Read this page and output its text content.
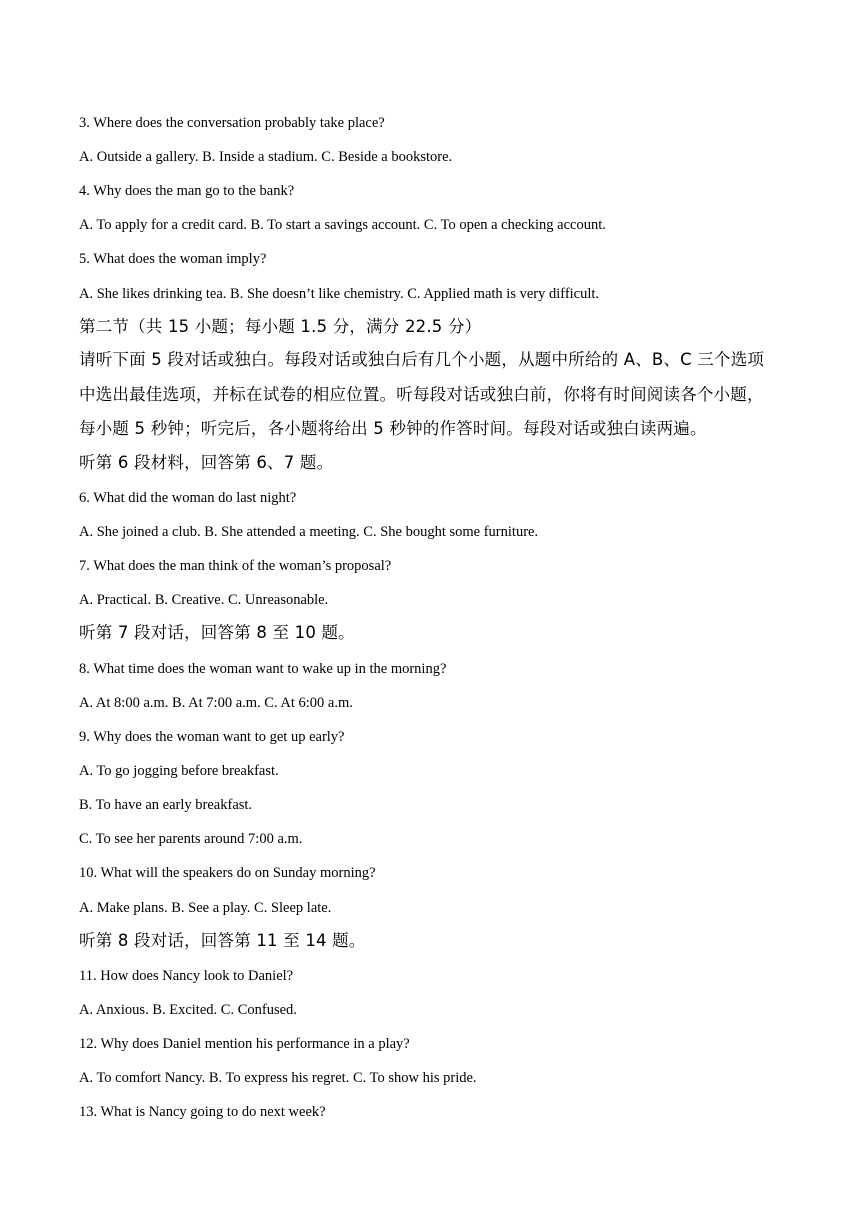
3. Where does the conversation probably take place?
A. Outside a gallery. B. Inside a stadium. C. Beside a bookstore.
4. Why does the man go to the bank?
A. To apply for a credit card. B. To start a savings account. C. To open a checking account.
5. What does the woman imply?
A. She likes drinking tea. B. She doesn’t like chemistry. C. Applied math is very difficult.
第二节（共 15 小题；每小题 1.5 分，满分 22.5 分）
请听下面 5 段对话或独白。每段对话或独白后有几个小题，从题中所给的 A、B、C 三个选项
中选出最佳选项，并标在试卷的相应位置。听每段对话或独白前，你将有时间阅读各个小题，
每小题 5 秒钟；听完后，各小题将给出 5 秒钟的作答时间。每段对话或独白读两遍。
听第 6 段材料，回答第 6、7 题。
6. What did the woman do last night?
A. She joined a club. B. She attended a meeting. C. She bought some furniture.
7. What does the man think of the woman’s proposal?
A. Practical. B. Creative. C. Unreasonable.
听第 7 段对话，回答第 8 至 10 题。
8. What time does the woman want to wake up in the morning?
A. At 8:00 a.m. B. At 7:00 a.m. C. At 6:00 a.m.
9. Why does the woman want to get up early?
A. To go jogging before breakfast.
B. To have an early breakfast.
C. To see her parents around 7:00 a.m.
10. What will the speakers do on Sunday morning?
A. Make plans. B. See a play. C. Sleep late.
听第 8 段对话，回答第 11 至 14 题。
11. How does Nancy look to Daniel?
A. Anxious. B. Excited. C. Confused.
12. Why does Daniel mention his performance in a play?
A. To comfort Nancy. B. To express his regret. C. To show his pride.
13. What is Nancy going to do next week?
